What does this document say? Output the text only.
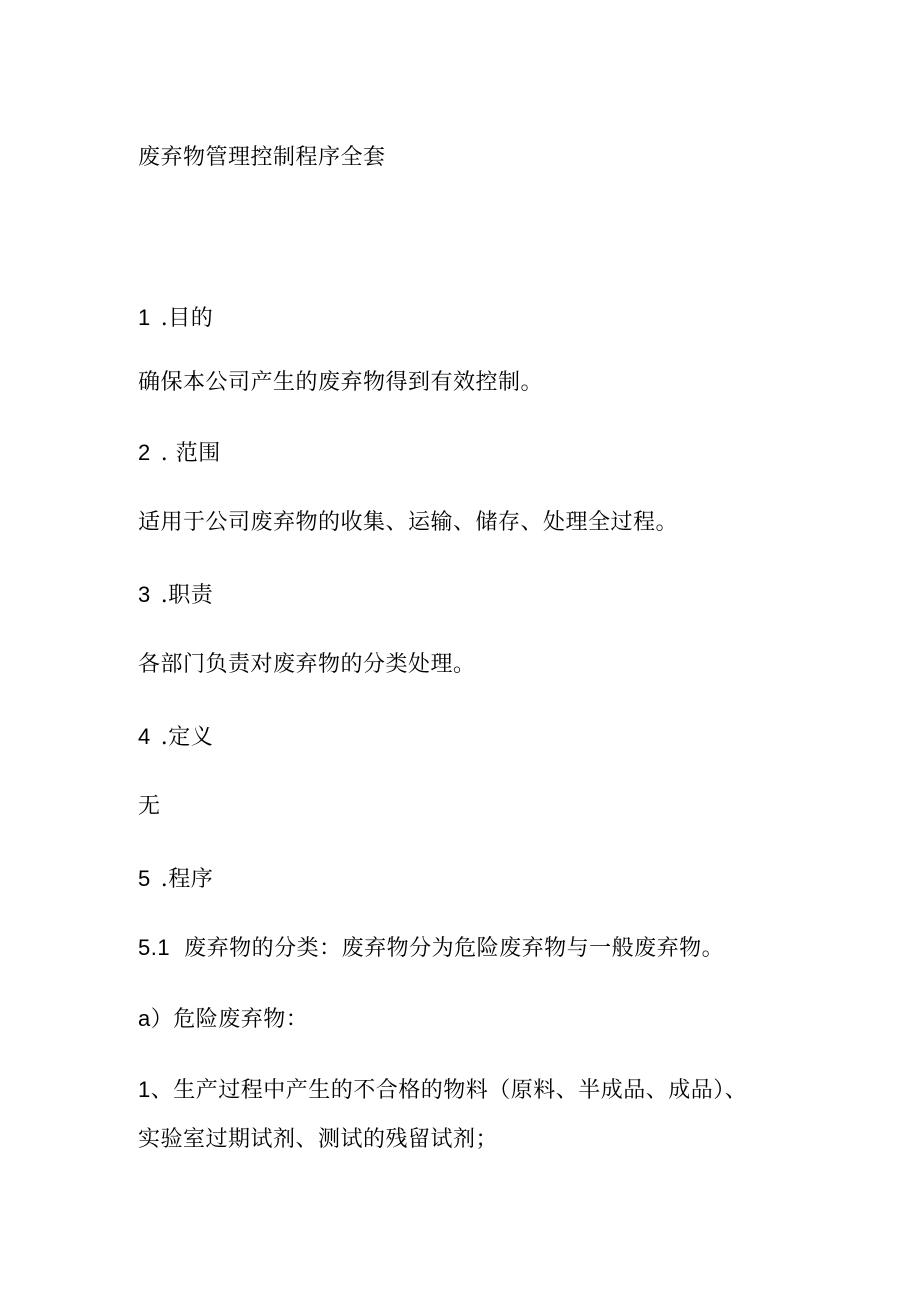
废弃物管理控制程序全套
1 .目的
确保本公司产生的废弃物得到有效控制。
2 . 范围
适用于公司废弃物的收集、运输、储存、处理全过程。
3 .职责
各部门负责对废弃物的分类处理。
4 .定义
无
5 .程序
5.1 废弃物的分类：废弃物分为危险废弃物与一般废弃物。
a）危险废弃物：
1、生产过程中产生的不合格的物料（原料、半成品、成品）、
实验室过期试剂、测试的残留试剂；
